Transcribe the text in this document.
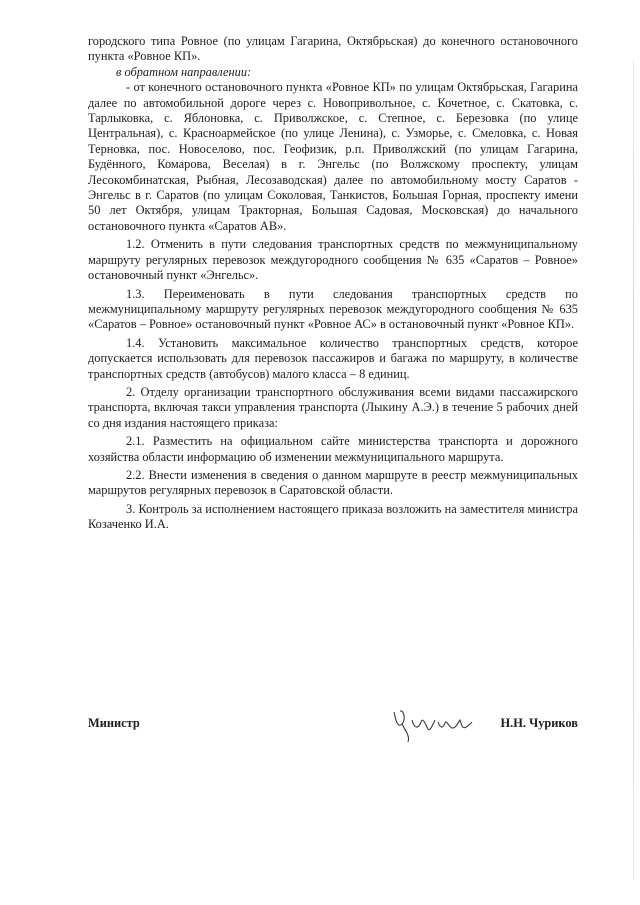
городского типа Ровное (по улицам Гагарина, Октябрьская) до конечного остановочного пункта «Ровное КП».

в обратном направлении:

- от конечного остановочного пункта «Ровное КП» по улицам Октябрьская, Гагарина далее по автомобильной дороге через с. Новоприволъное, с. Кочетное, с. Скатовка, с. Тарлыковка, с. Яблоновка, с. Приволжское, с. Степное, с. Березовка (по улице Центральная), с. Красноармейское (по улице Ленина), с. Узморье, с. Смеловка, с. Новая Терновка, пос. Новоселово, пос. Геофизик, р.п. Приволжский (по улицам Гагарина, Будённого, Комарова, Веселая) в г. Энгельс (по Волжскому проспекту, улицам Лесокомбинатская, Рыбная, Лесозаводская) далее по автомобильному мосту Саратов - Энгельс в г. Саратов (по улицам Соколовая, Танкистов, Большая Горная, проспекту имени 50 лет Октября, улицам Тракторная, Большая Садовая, Московская) до начального остановочного пункта «Саратов АВ».

1.2. Отменить в пути следования транспортных средств по межмуниципальному маршруту регулярных перевозок междугородного сообщения № 635 «Саратов – Ровное» остановочный пункт «Энгельс».

1.3. Переименовать в пути следования транспортных средств по межмуниципальному маршруту регулярных перевозок междугородного сообщения № 635 «Саратов – Ровное» остановочный пункт «Ровное АС» в остановочный пункт «Ровное КП».

1.4. Установить максимальное количество транспортных средств, которое допускается использовать для перевозок пассажиров и багажа по маршруту, в количестве транспортных средств (автобусов) малого класса – 8 единиц.

2. Отделу организации транспортного обслуживания всеми видами пассажирского транспорта, включая такси управления транспорта (Лыкину А.Э.) в течение 5 рабочих дней со дня издания настоящего приказа:

2.1. Разместить на официальном сайте министерства транспорта и дорожного хозяйства области информацию об изменении межмуниципального маршрута.

2.2. Внести изменения в сведения о данном маршруте в реестр межмуниципальных маршрутов регулярных перевозок в Саратовской области.

3. Контроль за исполнением настоящего приказа возложить на заместителя министра Козаченко И.А.

Министр	Н.Н. Чуриков
